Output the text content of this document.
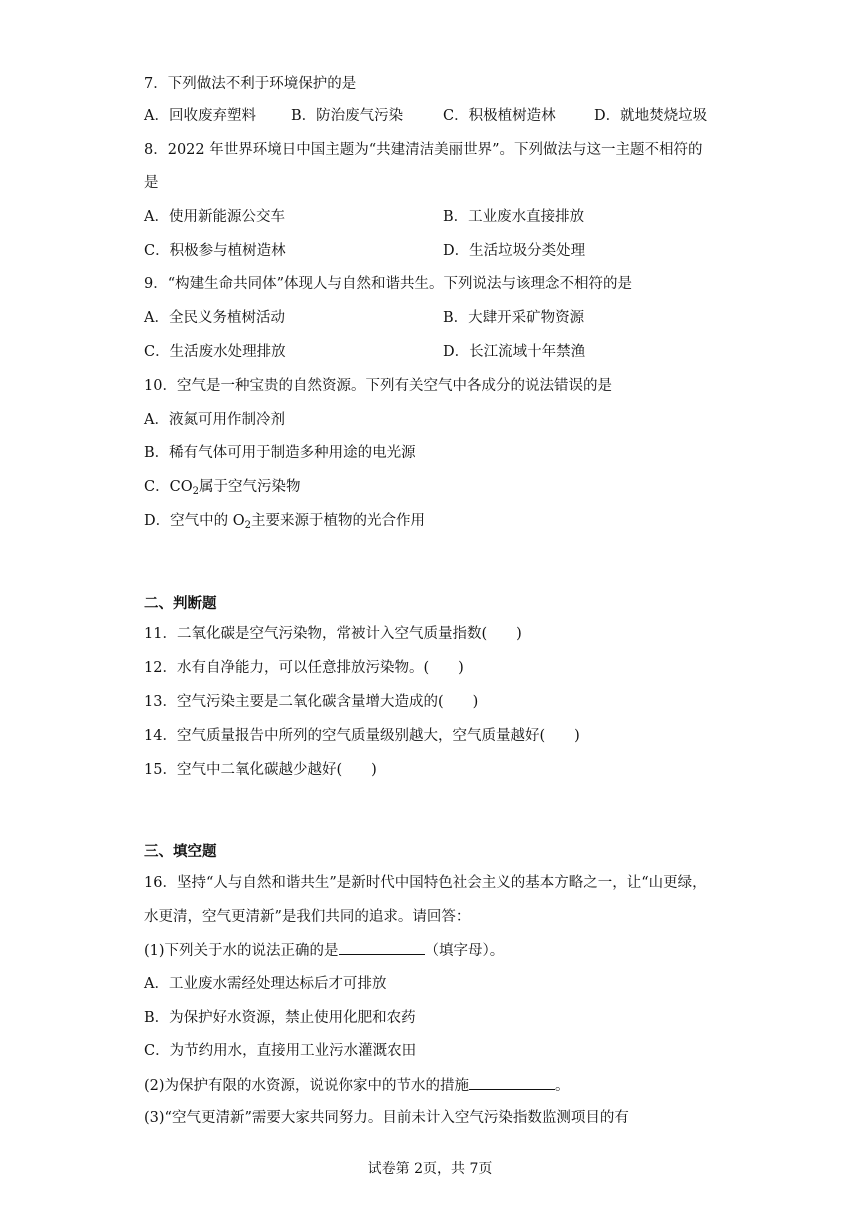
7．下列做法不利于环境保护的是
A．回收废弃塑料 B．防治废气污染	C．积极植树造林	D．就地焚烧垃圾
8．2022 年世界环境日中国主题为“共建清洁美丽世界”。下列做法与这一主题不相符的
是
A．使用新能源公交车	B．工业废水直接排放
C．积极参与植树造林	D．生活垃圾分类处理
9．“构建生命共同体”体现人与自然和谐共生。下列说法与该理念不相符的是
A．全民义务植树活动	B．大肆开采矿物资源
C．生活废水处理排放	D．长江流域十年禁渔
10．空气是一种宝贵的自然资源。下列有关空气中各成分的说法错误的是
A．液氮可用作制冷剂
B．稀有气体可用于制造多种用途的电光源
C．$CO_2$属于空气污染物
D．空气中的 $O_2$主要来源于植物的光合作用
二、判断题
11．二氧化碳是空气污染物，常被计入空气质量指数(　　)
12．水有自净能力，可以任意排放污染物。(　　)
13．空气污染主要是二氧化碳含量增大造成的(　　)
14．空气质量报告中所列的空气质量级别越大，空气质量越好(　　)
15．空气中二氧化碳越少越好(　　)
三、填空题
16．坚持“人与自然和谐共生”是新时代中国特色社会主义的基本方略之一，让“山更绿，
水更清，空气更清新”是我们共同的追求。请回答：
(1)下列关于水的说法正确的是	（填字母）。
A．工业废水需经处理达标后才可排放
B．为保护好水资源，禁止使用化肥和农药
C．为节约用水，直接用工业污水灌溉农田
(2)为保护有限的水资源，说说你家中的节水的措施	。
(3)“空气更清新”需要大家共同努力。目前未计入空气污染指数监测项目的有
试卷第 2页，共 7页
